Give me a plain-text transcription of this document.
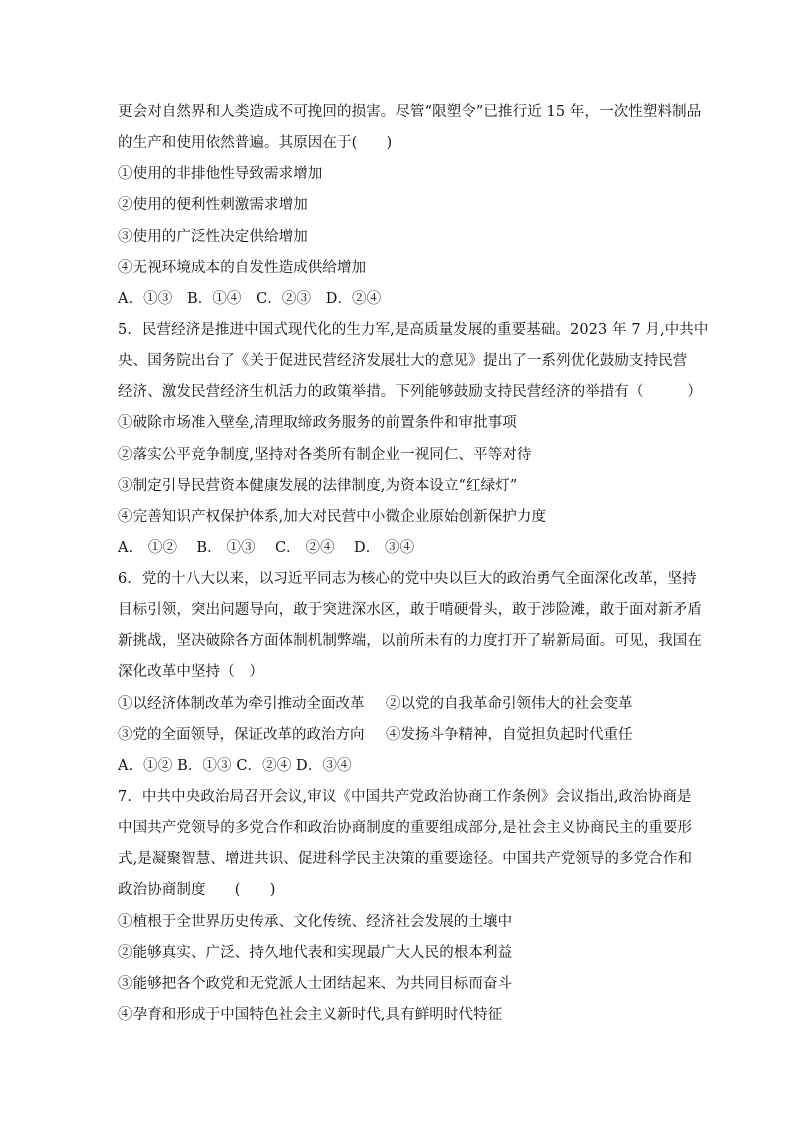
更会对自然界和人类造成不可挽回的损害。尽管“限塑令”已推行近 15 年，一次性塑料制品
的生产和使用依然普遍。其原因在于(　　)
①使用的非排他性导致需求增加
②使用的便利性刺激需求增加
③使用的广泛性决定供给增加
④无视环境成本的自发性造成供给增加
A．①③　B．①④　C．②③　D．②④
5．民营经济是推进中国式现代化的生力军,是高质量发展的重要基础。2023 年 7 月,中共中
央、国务院出台了《关于促进民营经济发展壮大的意见》提出了一系列优化鼓励支持民营
经济、激发民营经济生机活力的政策举措。下列能够鼓励支持民营经济的举措有（　　　）
①破除市场准入壁垒,清理取缔政务服务的前置条件和审批事项
②落实公平竞争制度,坚持对各类所有制企业一视同仁、平等对待
③制定引导民营资本健康发展的法律制度,为资本设立“红绿灯”
④完善知识产权保护体系,加大对民营中小微企业原始创新保护力度
A． ①②　 B． ①③　 C． ②④　 D． ③④
6．党的十八大以来，以习近平同志为核心的党中央以巨大的政治勇气全面深化改革，坚持
目标引领，突出问题导向，敢于突进深水区，敢于啃硬骨头，敢于涉险滩，敢于面对新矛盾
新挑战，坚决破除各方面体制机制弊端，以前所未有的力度打开了崭新局面。可见，我国在
深化改革中坚持（　）
①以经济体制改革为牵引推动全面改革 ②以党的自我革命引领伟大的社会变革
③党的全面领导，保证改革的政治方向 ④发扬斗争精神，自觉担负起时代重任
A．①② B．①③ C．②④ D．③④
7．中共中央政治局召开会议,审议《中国共产党政治协商工作条例》会议指出,政治协商是
中国共产党领导的多党合作和政治协商制度的重要组成部分,是社会主义协商民主的重要形
式,是凝聚智慧、增进共识、促进科学民主决策的重要途径。中国共产党领导的多党合作和
政治协商制度　　(　　)
①植根于全世界历史传承、文化传统、经济社会发展的土壤中
②能够真实、广泛、持久地代表和实现最广大人民的根本利益
③能够把各个政党和无党派人士团结起来、为共同目标而奋斗
④孕育和形成于中国特色社会主义新时代,具有鲜明时代特征
